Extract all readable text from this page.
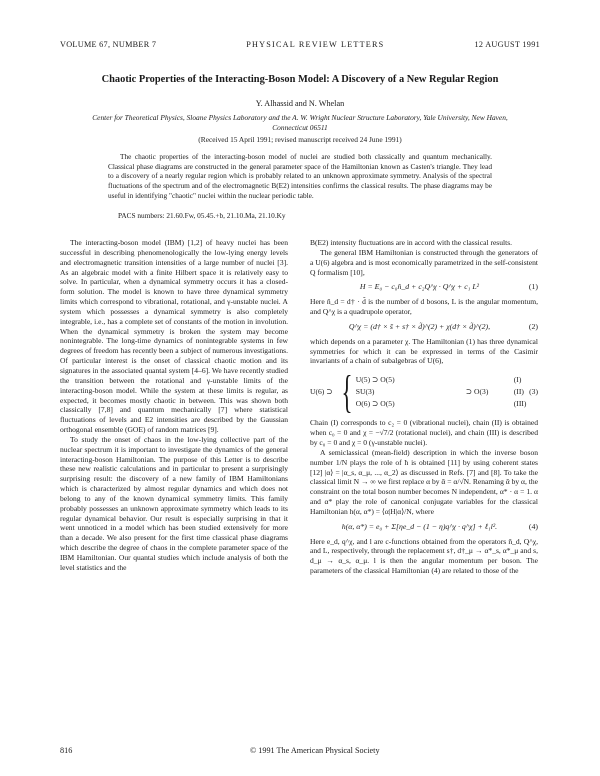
VOLUME 67, NUMBER 7	PHYSICAL REVIEW LETTERS	12 AUGUST 1991
Chaotic Properties of the Interacting-Boson Model: A Discovery of a New Regular Region
Y. Alhassid and N. Whelan
Center for Theoretical Physics, Sloane Physics Laboratory and the A. W. Wright Nuclear Structure Laboratory, Yale University, New Haven, Connecticut 06511
(Received 15 April 1991; revised manuscript received 24 June 1991)
The chaotic properties of the interacting-boson model of nuclei are studied both classically and quantum mechanically. Classical phase diagrams are constructed in the general parameter space of the Hamiltonian known as Casten's triangle. They lead to a discovery of a nearly regular region which is probably related to an unknown approximate symmetry. Analysis of the spectral fluctuations of the spectrum and of the electromagnetic B(E2) intensities confirms the classical results. The phase diagrams may be useful in identifying "chaotic" nuclei within the nuclear periodic table.
PACS numbers: 21.60.Fw, 05.45.+b, 21.10.Ma, 21.10.Ky

The interacting-boson model (IBM) [1,2] of heavy nuclei has been successful in describing phenomenologically the low-lying energy levels and electromagnetic transition intensities of a large number of nuclei [3]. As an algebraic model with a finite Hilbert space it is relatively easy to solve. In particular, when a dynamical symmetry occurs it has a closed-form solution. The model is known to have three dynamical symmetry limits which correspond to vibrational, rotational, and γ-unstable nuclei. A system which possesses a dynamical symmetry is also completely integrable, i.e., has a complete set of constants of the motion in involution. When the dynamical symmetry is broken the system may become nonintegrable. The long-time dynamics of nonintegrable systems in few degrees of freedom has recently been a subject of numerous investigations. Of particular interest is the onset of classical chaotic motion and its signatures in the associated quantal system [4–6]. We have recently studied the transition between the rotational and γ-unstable limits of the interacting-boson model. While the system at these limits is regular, as expected, it becomes mostly chaotic in between. This was shown both classically [7,8] and quantum mechanically [7] where statistical fluctuations of levels and E2 intensities are described by the Gaussian orthogonal ensemble (GOE) of random matrices [9].

To study the onset of chaos in the low-lying collective part of the nuclear spectrum it is important to investigate the dynamics of the general interacting-boson Hamiltonian. The purpose of this Letter is to describe these new realistic calculations and in particular to present a surprisingly surprising result: the discovery of a new family of IBM Hamiltonians which is characterized by almost regular dynamics and which does not belong to any of the known dynamical symmetry limits. This family probably possesses an unknown approximate symmetry which leads to its regular dynamical behavior. Our result is especially surprising in that it went unnoticed in a model which has been studied extensively for more than a decade. We also present for the first time classical phase diagrams which describe the degree of chaos in the complete parameter space of the IBM Hamiltonian. Our quantal studies which include analysis of both the level statistics and the

B(E2) intensity fluctuations are in accord with the classical results.

The general IBM Hamiltonian is constructed through the generators of a U(6) algebra and is most economically parametrized in the self-consistent Q formalism [10],

H = E₀ − c₀n̂_d + c₂Q^χ · Q^χ + c₁ L²	(1)

Here n̂_d = d† · d̃ is the number of d bosons, L is the angular momentum, and Q^χ is a quadrupole operator,

Q^χ = (d† × s̃ + s† × d̃)^(2) + χ(d† × d̃)^(2),	(2)

which depends on a parameter χ. The Hamiltonian (1) has three dynamical symmetries for which it can be expressed in terms of the Casimir invariants of a chain of subalgebras of U(6),

U(6) ⊃ { U(5) ⊃ O(5)	(I)
SU(3)	⊃ O(3)	(II)
O(6) ⊃ O(5)	(III)
(3)

Chain (I) corresponds to c₂ = 0 (vibrational nuclei), chain (II) is obtained when c₀ = 0 and χ = −√7/2 (rotational nuclei), and chain (III) is described by c₀ = 0 and χ = 0 (γ-unstable nuclei).

A semiclassical (mean-field) description in which the inverse boson number 1/N plays the role of ħ is obtained [11] by using coherent states [12] |α⟩ = |α_s, α_μ, ..., α_2⟩ as discussed in Refs. [7] and [8]. To take the classical limit N → ∞ we first replace α by ᾱ = α/√N. Renaming ᾱ by α, the constraint on the total boson number becomes N independent, α* · α = 1. α and α* play the role of canonical conjugate variables for the classical Hamiltonian h(α, α*) = ⟨α|H|α⟩/N, where

h(α, α*) = e₀ + Σ[ηe_d − (1 − η)q^χ · q^χ] + ℓ₁l².	(4)

Here e_d, q^χ, and l are c-functions obtained from the operators n̂_d, Q^χ, and L, respectively, through the replacement s†, d†_μ → α*_s, α*_μ and s, d_μ → α_s, α_μ. l is then the angular momentum per boson. The parameters of the classical Hamiltonian (4) are related to those of the

816	© 1991 The American Physical Society
